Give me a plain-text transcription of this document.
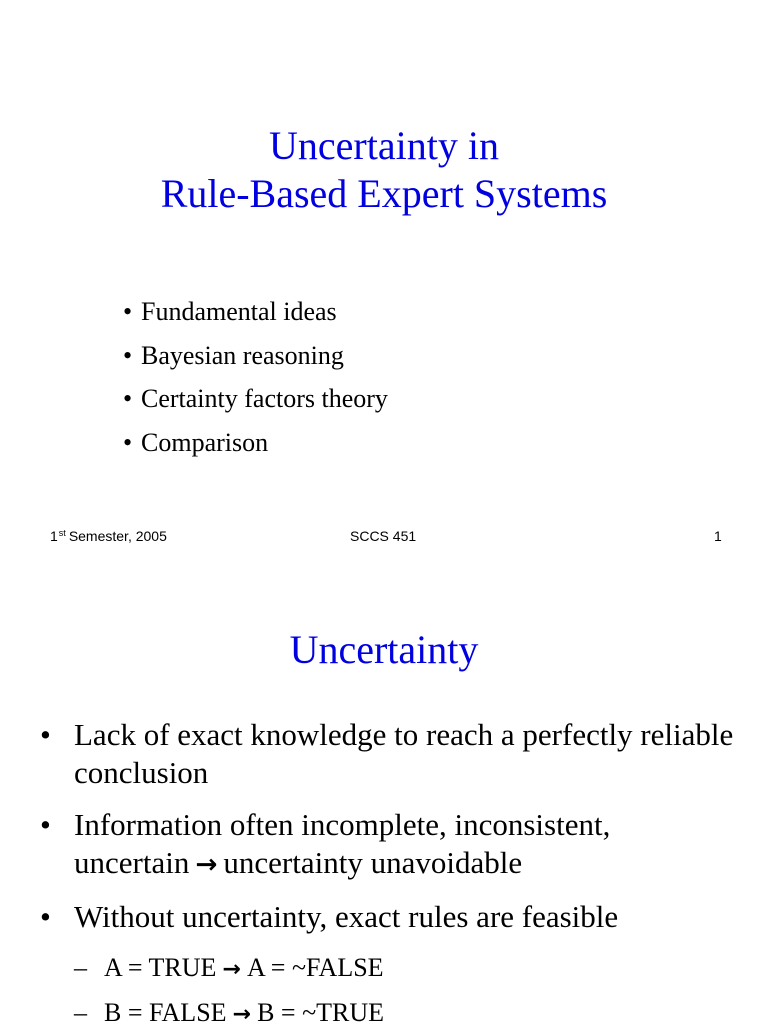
Uncertainty in
Rule-Based Expert Systems
• Fundamental ideas
• Bayesian reasoning
• Certainty factors theory
• Comparison
1st Semester, 2005	SCCS 451	1
Uncertainty
• Lack of exact knowledge to reach a perfectly reliable conclusion
• Information often incomplete, inconsistent, uncertain → uncertainty unavoidable
• Without uncertainty, exact rules are feasible
– A = TRUE → A = ~FALSE
– B = FALSE → B = ~TRUE
